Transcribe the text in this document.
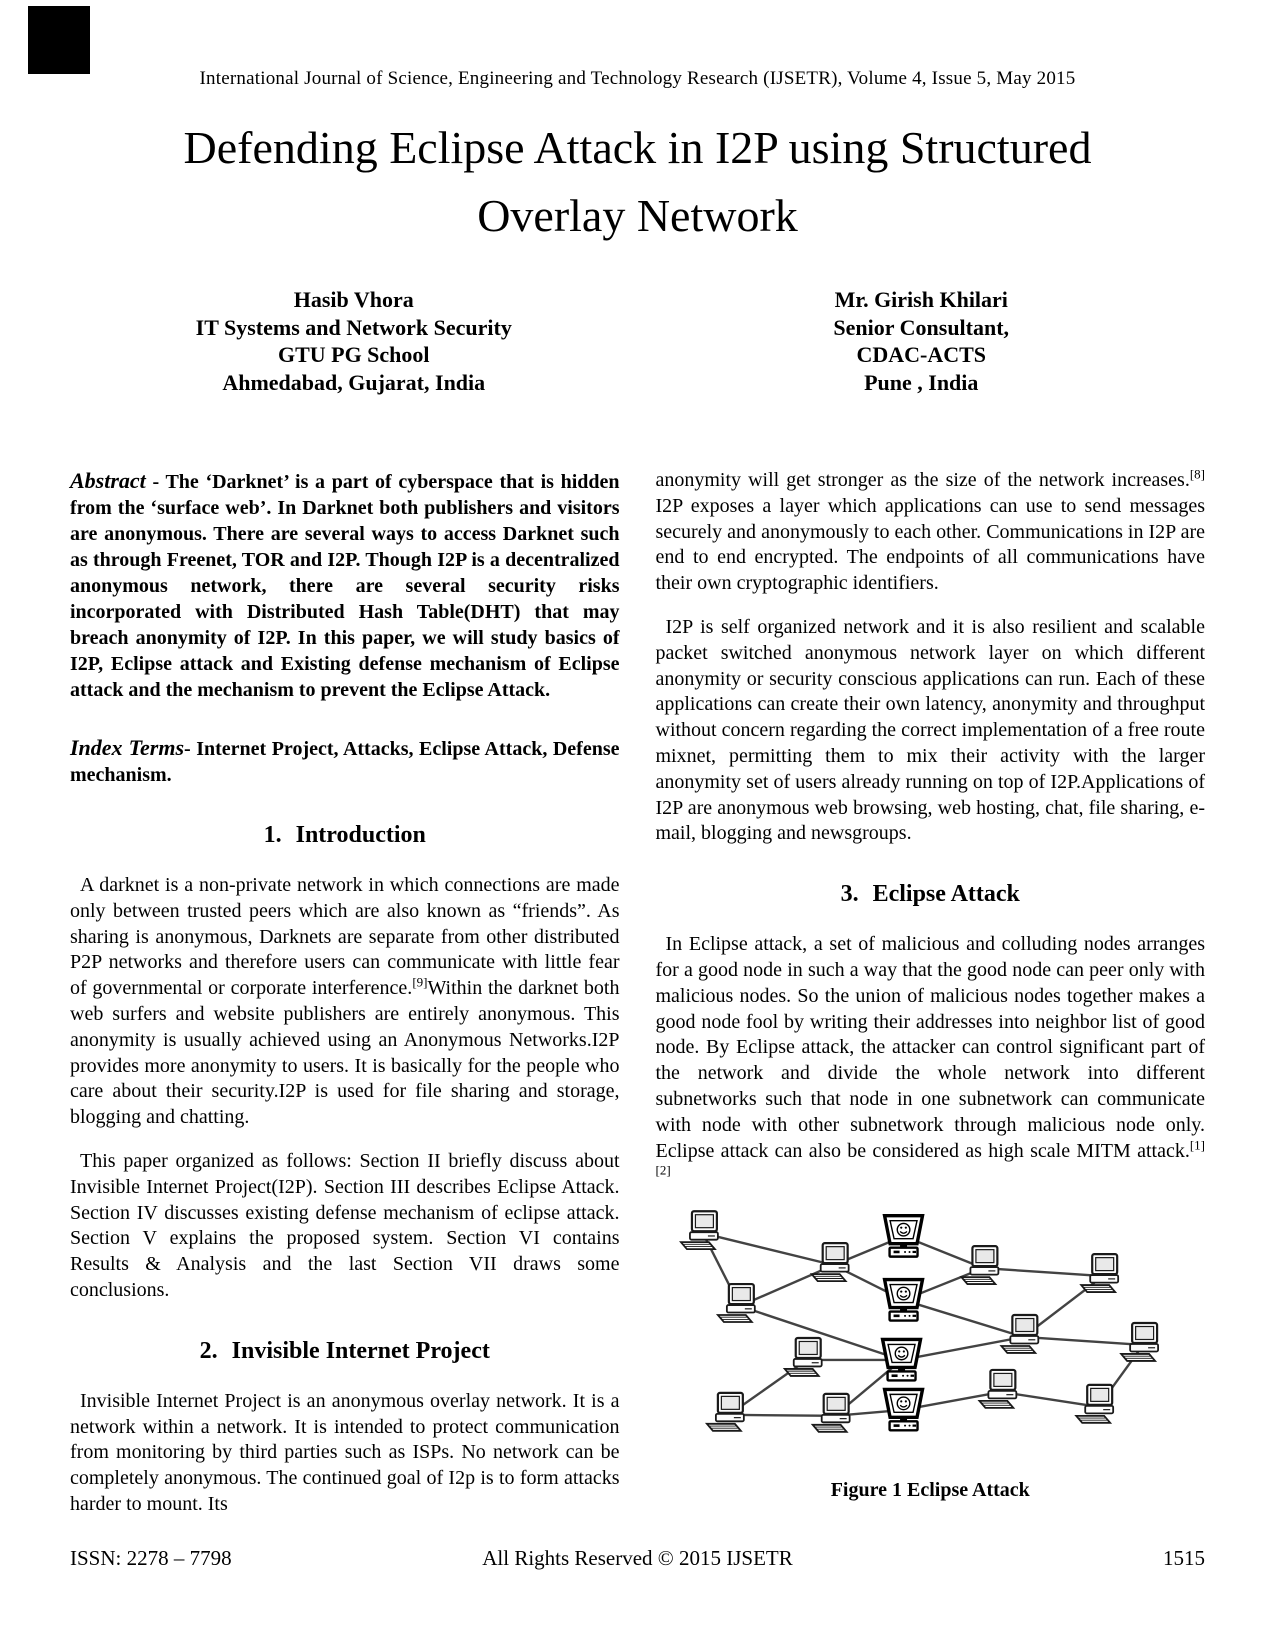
International Journal of Science, Engineering and Technology Research (IJSETR), Volume 4, Issue 5, May 2015
Defending Eclipse Attack in I2P using Structured
Overlay Network
Hasib Vhora
IT Systems and Network Security
GTU PG School
Ahmedabad, Gujarat, India
Mr. Girish Khilari
Senior Consultant,
CDAC-ACTS
Pune , India

Abstract - The ‘Darknet’ is a part of cyberspace that is hidden from the ‘surface web’. In Darknet both publishers and visitors are anonymous. There are several ways to access Darknet such as through Freenet, TOR and I2P. Though I2P is a decentralized anonymous network, there are several security risks incorporated with Distributed Hash Table(DHT) that may breach anonymity of I2P. In this paper, we will study basics of I2P, Eclipse attack and Existing defense mechanism of Eclipse attack and the mechanism to prevent the Eclipse Attack.

Index Terms- Internet Project, Attacks, Eclipse Attack, Defense mechanism.

1. Introduction

A darknet is a non-private network in which connections are made only between trusted peers which are also known as “friends”. As sharing is anonymous, Darknets are separate from other distributed P2P networks and therefore users can communicate with little fear of governmental or corporate interference.[9]Within the darknet both web surfers and website publishers are entirely anonymous. This anonymity is usually achieved using an Anonymous Networks.I2P provides more anonymity to users. It is basically for the people who care about their security.I2P is used for file sharing and storage, blogging and chatting.

This paper organized as follows: Section II briefly discuss about Invisible Internet Project(I2P). Section III describes Eclipse Attack. Section IV discusses existing defense mechanism of eclipse attack. Section V explains the proposed system. Section VI contains Results & Analysis and the last Section VII draws some conclusions.

2. Invisible Internet Project

Invisible Internet Project is an anonymous overlay network. It is a network within a network. It is intended to protect communication from monitoring by third parties such as ISPs. No network can be completely anonymous. The continued goal of I2p is to form attacks harder to mount. Its

anonymity will get stronger as the size of the network increases.[8] I2P exposes a layer which applications can use to send messages securely and anonymously to each other. Communications in I2P are end to end encrypted. The endpoints of all communications have their own cryptographic identifiers.

I2P is self organized network and it is also resilient and scalable packet switched anonymous network layer on which different anonymity or security conscious applications can run. Each of these applications can create their own latency, anonymity and throughput without concern regarding the correct implementation of a free route mixnet, permitting them to mix their activity with the larger anonymity set of users already running on top of I2P.Applications of I2P are anonymous web browsing, web hosting, chat, file sharing, e-mail, blogging and newsgroups.

3. Eclipse Attack

In Eclipse attack, a set of malicious and colluding nodes arranges for a good node in such a way that the good node can peer only with malicious nodes. So the union of malicious nodes together makes a good node fool by writing their addresses into neighbor list of good node. By Eclipse attack, the attacker can control significant part of the network and divide the whole network into different subnetworks such that node in one subnetwork can communicate with node with other subnetwork through malicious node only. Eclipse attack can also be considered as high scale MITM attack.[1][2]

Figure 1 Eclipse Attack
ISSN: 2278 – 7798	All Rights Reserved © 2015 IJSETR	1515
